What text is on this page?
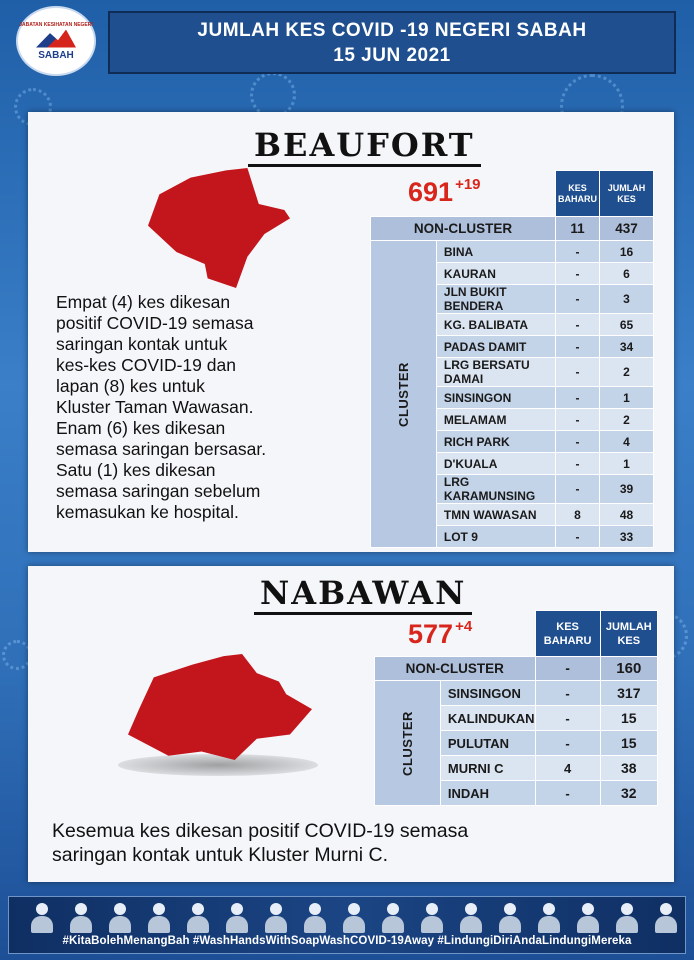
JABATAN KESIHATAN NEGERI
SABAH
JUMLAH KES COVID -19 NEGERI SABAH
15 JUN 2021
BEAUFORT
691 $^{+19}$
Empat (4) kes dikesan
positif COVID-19 semasa
saringan kontak untuk
kes-kes COVID-19 dan
lapan (8) kes untuk
Kluster Taman Wawasan.
Enam (6) kes dikesan
semasa saringan bersasar.
Satu (1) kes dikesan
semasa saringan sebelum
kemasukan ke hospital.
		KES BAHARU	JUMLAH KES
NON-CLUSTER		11	437

CLUSTER	BINA	-	16
	KAURAN	-	6
	JLN BUKIT BENDERA	-	3
	KG. BALIBATA	-	65
	PADAS DAMIT	-	34
	LRG BERSATU DAMAI	-	2
	SINSINGON	-	1
	MELAMAM	-	2
	RICH PARK	-	4
	D'KUALA	-	1
	LRG KARAMUNSING	-	39
	TMN WAWASAN	8	48
	LOT 9	-	33
NABAWAN
577 $^{+4}$
		KES BAHARU	JUMLAH KES
NON-CLUSTER		-	160

CLUSTER	SINSINGON	-	317
	KALINDUKAN	-	15
	PULUTAN	-	15
	MURNI C	4	38
	INDAH	-	32
Kesemua kes dikesan positif COVID-19 semasa
saringan kontak untuk Kluster Murni C.
#KitaBolehMenangBah #WashHandsWithSoapWashCOVID-19Away #LindungiDiriAndaLindungiMereka
